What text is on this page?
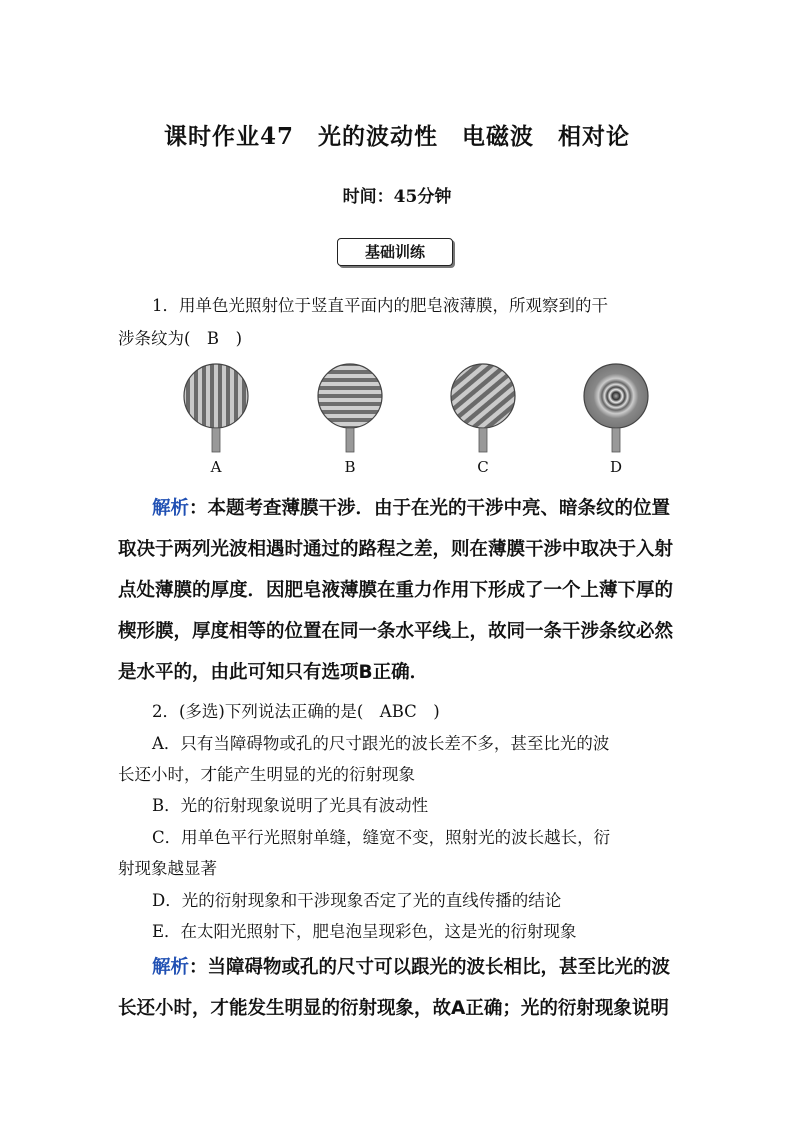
课时作业47　光的波动性　电磁波　相对论
时间：45分钟
基础训练
1．用单色光照射位于竖直平面内的肥皂液薄膜，所观察到的干
涉条纹为(　B　)
A	B	C	D
解析：本题考查薄膜干涉．由于在光的干涉中亮、暗条纹的位置
取决于两列光波相遇时通过的路程之差，则在薄膜干涉中取决于入射
点处薄膜的厚度．因肥皂液薄膜在重力作用下形成了一个上薄下厚的
楔形膜，厚度相等的位置在同一条水平线上，故同一条干涉条纹必然
是水平的，由此可知只有选项B正确．
2．(多选)下列说法正确的是(　ABC　)
A．只有当障碍物或孔的尺寸跟光的波长差不多，甚至比光的波
长还小时，才能产生明显的光的衍射现象
B．光的衍射现象说明了光具有波动性
C．用单色平行光照射单缝，缝宽不变，照射光的波长越长，衍
射现象越显著
D．光的衍射现象和干涉现象否定了光的直线传播的结论
E．在太阳光照射下，肥皂泡呈现彩色，这是光的衍射现象
解析：当障碍物或孔的尺寸可以跟光的波长相比，甚至比光的波
长还小时，才能发生明显的衍射现象，故A正确；光的衍射现象说明
